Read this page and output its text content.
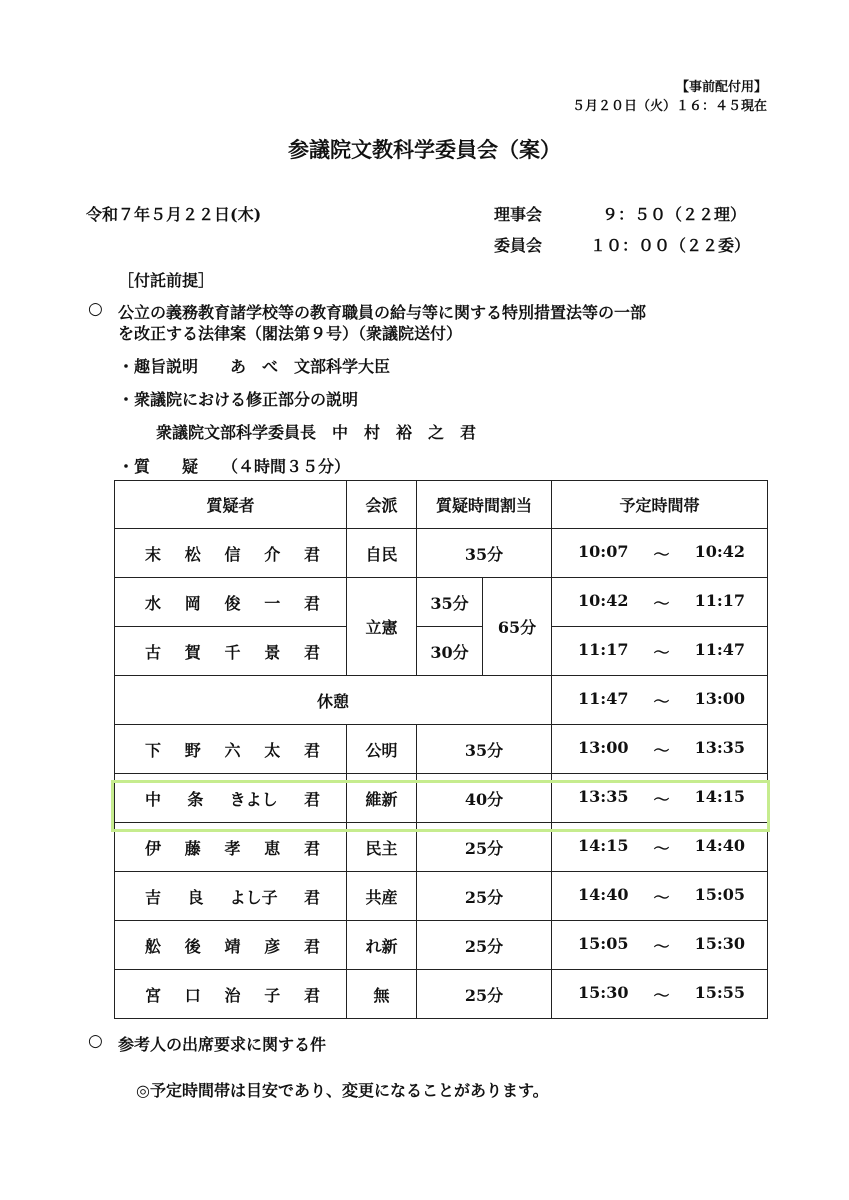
【事前配付用】
５月２０日（火）１６：４５現在
参議院文教科学委員会（案）
令和７年５月２２日(木)	理事会	９：５０（２２理）
委員会	１０：００（２２委）
［付託前提］
○ 公立の義務教育諸学校等の教育職員の給与等に関する特別措置法等の一部
を改正する法律案（閣法第９号）（衆議院送付）
・趣旨説明　　あ　べ　文部科学大臣
・衆議院における修正部分の説明
衆議院文部科学委員長　中　村　裕　之　君
・質　　疑　　（４時間３５分）
質疑者	会派	質疑時間割当		予定時間帯

末 松 信 介 君	自民	35分		10:07 ～ 10:42

水 岡 俊 一 君	立憲	35分	65分	10:42 ～ 11:17

古 賀 千 景 君		30分		11:17 ～ 11:47

休憩				11:47 ～ 13:00

下 野 六 太 君	公明	35分		13:00 ～ 13:35

中 条 きよし 君	維新	40分		13:35 ～ 14:15

伊 藤 孝 恵 君	民主	25分		14:15 ～ 14:40

吉 良 よし子 君	共産	25分		14:40 ～ 15:05

舩 後 靖 彦 君	れ新	25分		15:05 ～ 15:30

宮 口 治 子 君	無	25分		15:30 ～ 15:55
○ 参考人の出席要求に関する件
◎予定時間帯は目安であり、変更になることがあります。
